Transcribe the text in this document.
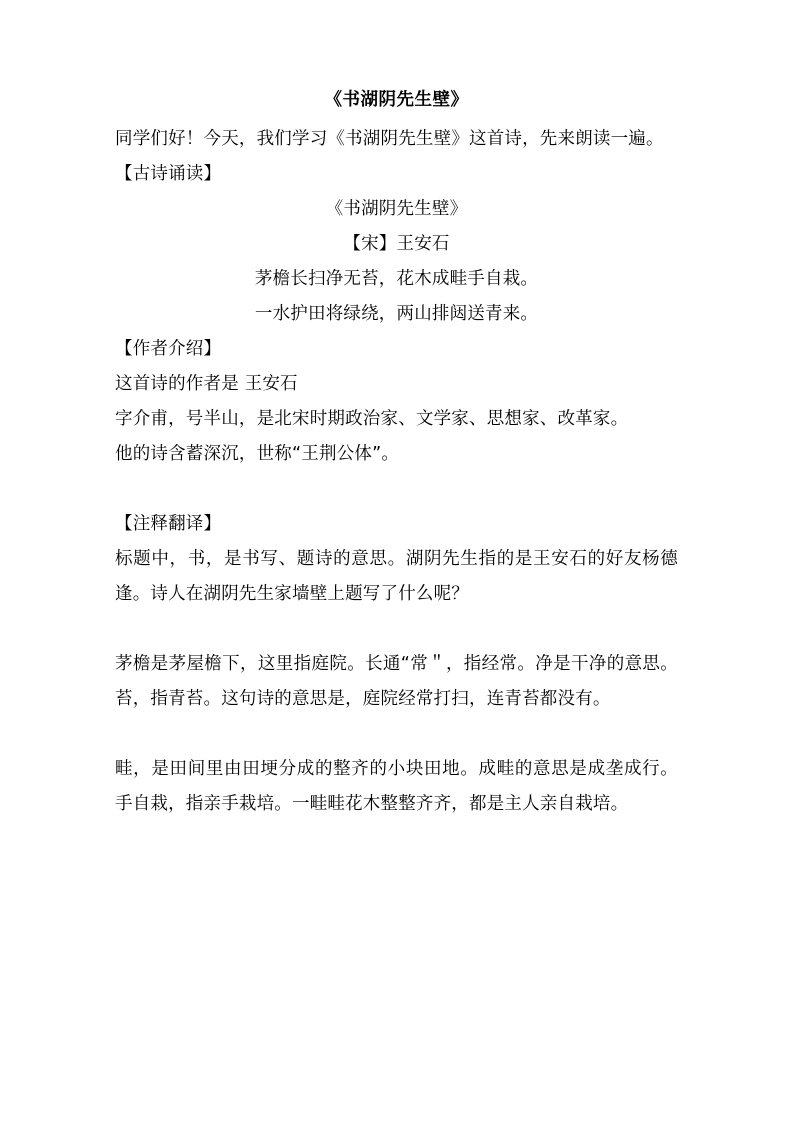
《书湖阴先生壁》

同学们好！今天，我们学习《书湖阴先生壁》这首诗，先来朗读一遍。

【古诗诵读】

《书湖阴先生壁》

【宋】王安石

茅檐长扫净无苔，花木成畦手自栽。

一水护田将绿绕，两山排闼送青来。

【作者介绍】

这首诗的作者是 王安石

字介甫，号半山，是北宋时期政治家、文学家、思想家、改革家。

他的诗含蓄深沉，世称“王荆公体”。

【注释翻译】

标题中，书，是书写、题诗的意思。湖阴先生指的是王安石的好友杨德逢。诗人在湖阴先生家墙壁上题写了什么呢？

茅檐是茅屋檐下，这里指庭院。长通“常＂，指经常。净是干净的意思。苔，指青苔。这句诗的意思是，庭院经常打扫，连青苔都没有。

畦，是田间里由田埂分成的整齐的小块田地。成畦的意思是成垄成行。手自栽，指亲手栽培。一畦畦花木整整齐齐，都是主人亲自栽培。
